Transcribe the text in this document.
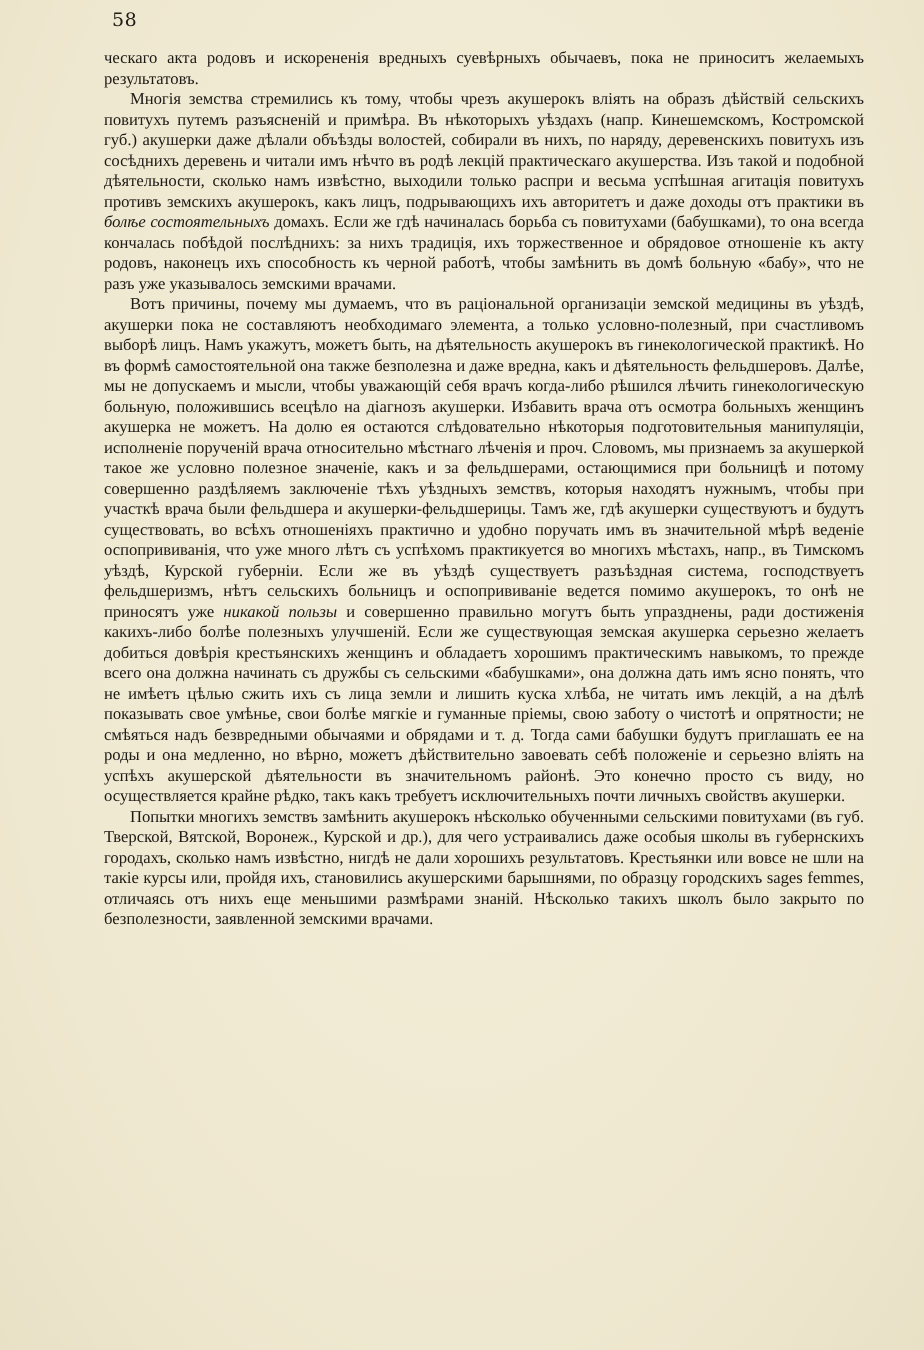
58

ческаго акта родовъ и искорененія вредныхъ суевѣрныхъ обычаевъ, пока не приноситъ желаемыхъ результатовъ.

Многія земства стремились къ тому, чтобы чрезъ акушерокъ вліять на образъ дѣйствій сельскихъ повитухъ путемъ разъясненій и примѣра. Въ нѣкоторыхъ уѣздахъ (напр. Кинешемскомъ, Костромской губ.) акушерки даже дѣлали объѣзды волостей, собирали въ нихъ, по наряду, деревенскихъ повитухъ изъ сосѣднихъ деревень и читали имъ нѣчто въ родѣ лекцій практическаго акушерства. Изъ такой и подобной дѣятельности, сколько намъ извѣстно, выходили только распри и весьма успѣшная агитація повитухъ противъ земскихъ акушерокъ, какъ лицъ, подрывающихъ ихъ авторитетъ и даже доходы отъ практики въ болѣе состоятельныхъ домахъ. Если же гдѣ начиналась борьба съ повитухами (бабушками), то она всегда кончалась побѣдой послѣднихъ: за нихъ традиція, ихъ торжественное и обрядовое отношеніе къ акту родовъ, наконецъ ихъ способность къ черной работѣ, чтобы замѣнить въ домѣ больную «бабу», что не разъ уже указывалось земскими врачами.

Вотъ причины, почему мы думаемъ, что въ раціональной организаціи земской медицины въ уѣздѣ, акушерки пока не составляютъ необходимаго элемента, а только условно-полезный, при счастливомъ выборѣ лицъ. Намъ укажутъ, можетъ быть, на дѣятельность акушерокъ въ гинекологической практикѣ. Но въ формѣ самостоятельной она также безполезна и даже вредна, какъ и дѣятельность фельдшеровъ. Далѣе, мы не допускаемъ и мысли, чтобы уважающій себя врачъ когда-либо рѣшился лѣчить гинекологическую больную, положившись всецѣло на діагнозъ акушерки. Избавить врача отъ осмотра больныхъ женщинъ акушерка не можетъ. На долю ея остаются слѣдовательно нѣкоторыя подготовительныя манипуляціи, исполненіе порученій врача относительно мѣстнаго лѣченія и проч. Словомъ, мы признаемъ за акушеркой такое же условно полезное значеніе, какъ и за фельдшерами, остающимися при больницѣ и потому совершенно раздѣляемъ заключеніе тѣхъ уѣздныхъ земствъ, которыя находятъ нужнымъ, чтобы при участкѣ врача были фельдшера и акушерки-фельдшерицы. Тамъ же, гдѣ акушерки существуютъ и будутъ существовать, во всѣхъ отношеніяхъ практично и удобно поручать имъ въ значительной мѣрѣ веденіе оспопрививанія, что уже много лѣтъ съ успѣхомъ практикуется во многихъ мѣстахъ, напр., въ Тимскомъ уѣздѣ, Курской губерніи. Если же въ уѣздѣ существуетъ разъѣздная система, господствуетъ фельдшеризмъ, нѣтъ сельскихъ больницъ и оспопрививаніе ведется помимо акушерокъ, то онѣ не приносятъ уже никакой пользы и совершенно правильно могутъ быть упразднены, ради достиженія какихъ-либо болѣе полезныхъ улучшеній. Если же существующая земская акушерка серьезно желаетъ добиться довѣрія крестьянскихъ женщинъ и обладаетъ хорошимъ практическимъ навыкомъ, то прежде всего она должна начинать съ дружбы съ сельскими «бабушками», она должна дать имъ ясно понять, что не имѣетъ цѣлью сжить ихъ съ лица земли и лишить куска хлѣба, не читать имъ лекцій, а на дѣлѣ показывать свое умѣнье, свои болѣе мягкіе и гуманные пріемы, свою заботу о чистотѣ и опрятности; не смѣяться надъ безвредными обычаями и обрядами и т. д. Тогда сами бабушки будутъ приглашать ее на роды и она медленно, но вѣрно, можетъ дѣйствительно завоевать себѣ положеніе и серьезно вліять на успѣхъ акушерской дѣятельности въ значительномъ районѣ. Это конечно просто съ виду, но осуществляется крайне рѣдко, такъ какъ требуетъ исключительныхъ почти личныхъ свойствъ акушерки.

Попытки многихъ земствъ замѣнить акушерокъ нѣсколько обученными сельскими повитухами (въ губ. Тверской, Вятской, Воронеж., Курской и др.), для чего устраивались даже особыя школы въ губернскихъ городахъ, сколько намъ извѣстно, нигдѣ не дали хорошихъ результатовъ. Крестьянки или вовсе не шли на такіе курсы или, пройдя ихъ, становились акушерскими барышнями, по образцу городскихъ sages femmes, отличаясь отъ нихъ еще меньшими размѣрами знаній. Нѣсколько такихъ школъ было закрыто по безполезности, заявленной земскими врачами.
